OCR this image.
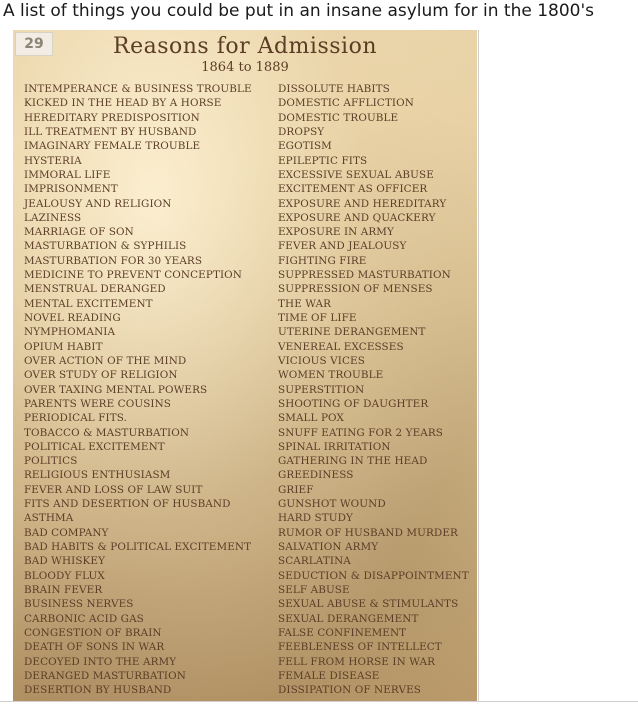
A list of things you could be put in an insane asylum for in the 1800's
29	Reasons for Admission
1864 to 1889
INTEMPERANCE & BUSINESS TROUBLE
KICKED IN THE HEAD BY A HORSE
HEREDITARY PREDISPOSITION
ILL TREATMENT BY HUSBAND
IMAGINARY FEMALE TROUBLE
HYSTERIA
IMMORAL LIFE
IMPRISONMENT
JEALOUSY AND RELIGION
LAZINESS
MARRIAGE OF SON
MASTURBATION & SYPHILIS
MASTURBATION FOR 30 YEARS
MEDICINE TO PREVENT CONCEPTION
MENSTRUAL DERANGED
MENTAL EXCITEMENT
NOVEL READING
NYMPHOMANIA
OPIUM HABIT
OVER ACTION OF THE MIND
OVER STUDY OF RELIGION
OVER TAXING MENTAL POWERS
PARENTS WERE COUSINS
PERIODICAL FITS.
TOBACCO & MASTURBATION
POLITICAL EXCITEMENT
POLITICS
RELIGIOUS ENTHUSIASM
FEVER AND LOSS OF LAW SUIT
FITS AND DESERTION OF HUSBAND
ASTHMA
BAD COMPANY
BAD HABITS & POLITICAL EXCITEMENT
BAD WHISKEY
BLOODY FLUX
BRAIN FEVER
BUSINESS NERVES
CARBONIC ACID GAS
CONGESTION OF BRAIN
DEATH OF SONS IN WAR
DECOYED INTO THE ARMY
DERANGED MASTURBATION
DESERTION BY HUSBAND
DISSOLUTE HABITS
DOMESTIC AFFLICTION
DOMESTIC TROUBLE
DROPSY
EGOTISM
EPILEPTIC FITS
EXCESSIVE SEXUAL ABUSE
EXCITEMENT AS OFFICER
EXPOSURE AND HEREDITARY
EXPOSURE AND QUACKERY
EXPOSURE IN ARMY
FEVER AND JEALOUSY
FIGHTING FIRE
SUPPRESSED MASTURBATION
SUPPRESSION OF MENSES
THE WAR
TIME OF LIFE
UTERINE DERANGEMENT
VENEREAL EXCESSES
VICIOUS VICES
WOMEN TROUBLE
SUPERSTITION
SHOOTING OF DAUGHTER
SMALL POX
SNUFF EATING FOR 2 YEARS
SPINAL IRRITATION
GATHERING IN THE HEAD
GREEDINESS
GRIEF
GUNSHOT WOUND
HARD STUDY
RUMOR OF HUSBAND MURDER
SALVATION ARMY
SCARLATINA
SEDUCTION & DISAPPOINTMENT
SELF ABUSE
SEXUAL ABUSE & STIMULANTS
SEXUAL DERANGEMENT
FALSE CONFINEMENT
FEEBLENESS OF INTELLECT
FELL FROM HORSE IN WAR
FEMALE DISEASE
DISSIPATION OF NERVES
